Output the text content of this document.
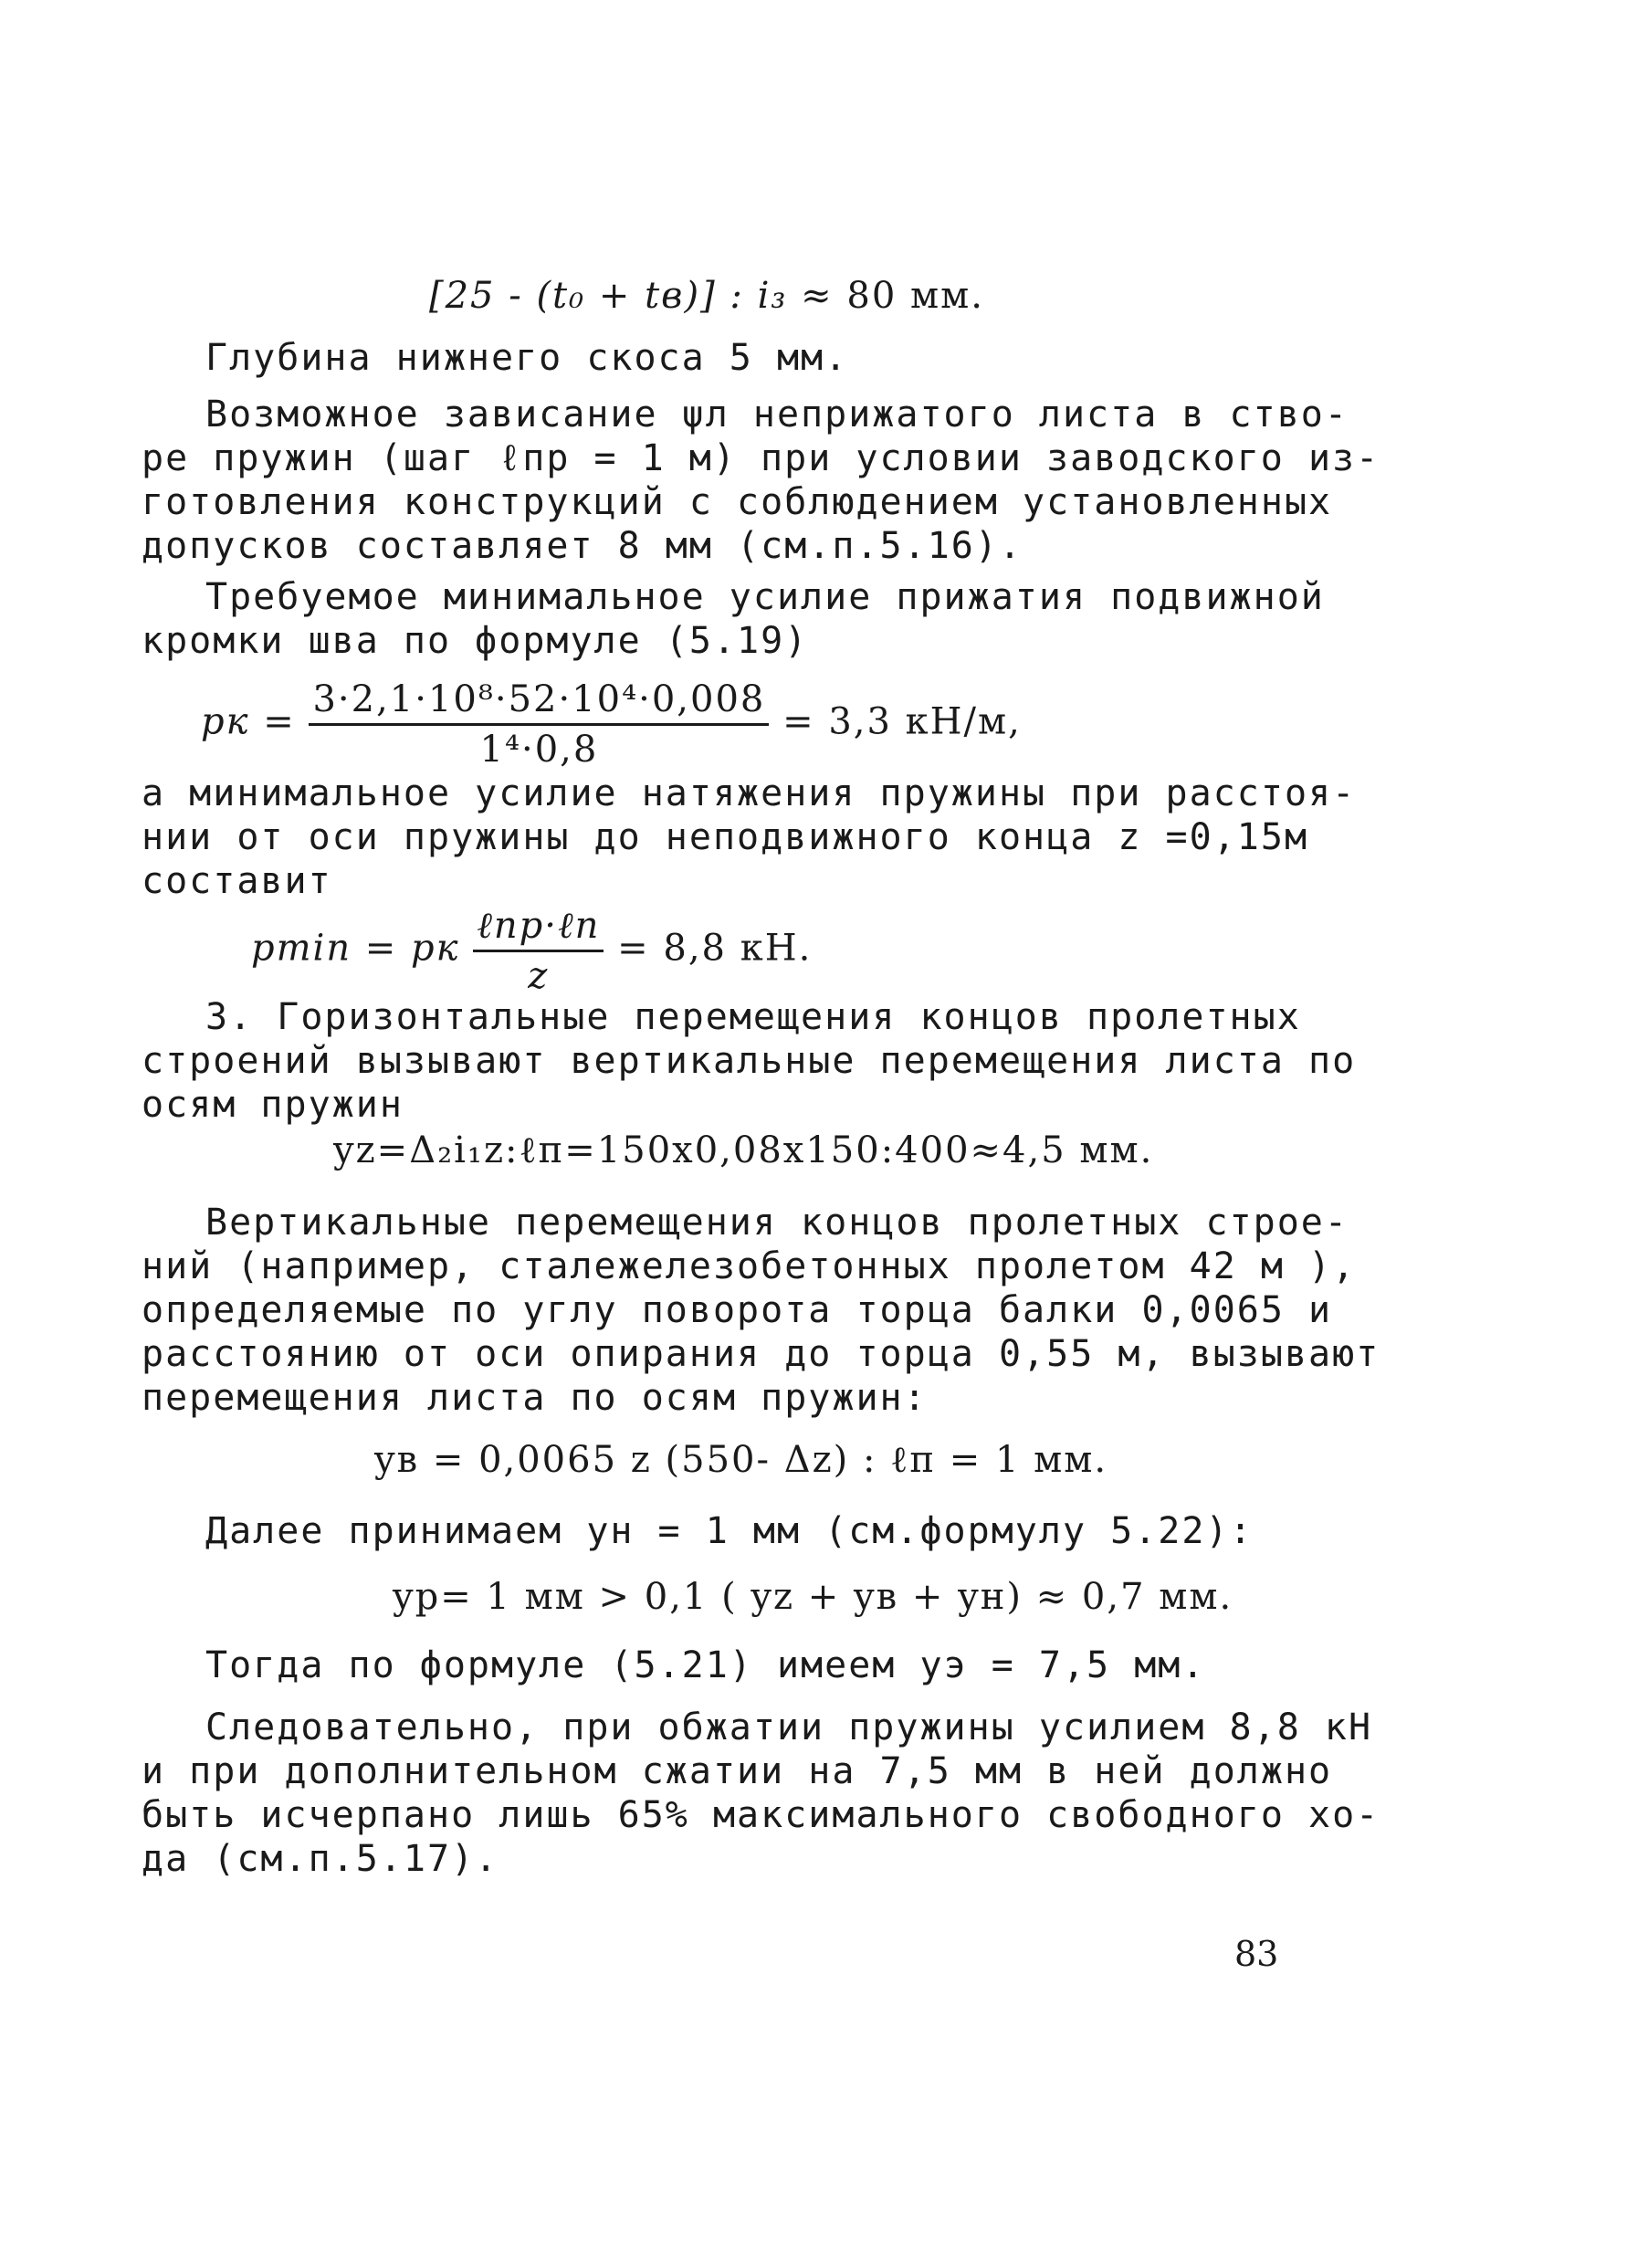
[25 - (t₀ + tв)] : i₃ ≈ 80 мм.
Глубина нижнего скоса 5 мм.
Возможное зависание ψл неприжатого листа в ство-
ре пружин (шаг ℓпр = 1 м) при условии заводского из-
готовления конструкций с соблюдением установленных
допусков составляет 8 мм (см.п.5.16).
Требуемое минимальное усилие прижатия подвижной
кромки шва по формуле (5.19)
pк = $\frac{\text{3·2,1·10⁸·52·10⁴·0,008}}{\text{1⁴·0,8}} = 3,3$ кН/м,
а минимальное усилие натяжения пружины при расстоя-
нии от оси пружины до неподвижного конца z =0,15м
составит
pmin = pк $\frac{\text{ℓпр·ℓп}}{z} = 8,8$ кН.
3. Горизонтальные перемещения концов пролетных
строений вызывают вертикальные перемещения листа по
осям пружин
yz=Δ₂i₁z:ℓп=150x0,08x150:400≈4,5 мм.
Вертикальные перемещения концов пролетных строе-
ний (например, сталежелезобетонных пролетом 42 м ),
определяемые по углу поворота торца балки 0,0065 и
расстоянию от оси опирания до торца 0,55 м, вызывают
перемещения листа по осям пружин:
yв = 0,0065 z (550- Δz) : ℓп = 1 мм.
Далее принимаем yн = 1 мм (см.формулу 5.22):
yр= 1 мм > 0,1 ( yz + yв + yн) ≈ 0,7 мм.
Тогда по формуле (5.21) имеем yэ = 7,5 мм.
Следовательно, при обжатии пружины усилием 8,8 кН
и при дополнительном сжатии на 7,5 мм в ней должно
быть исчерпано лишь 65% максимального свободного хо-
да (см.п.5.17).
83
